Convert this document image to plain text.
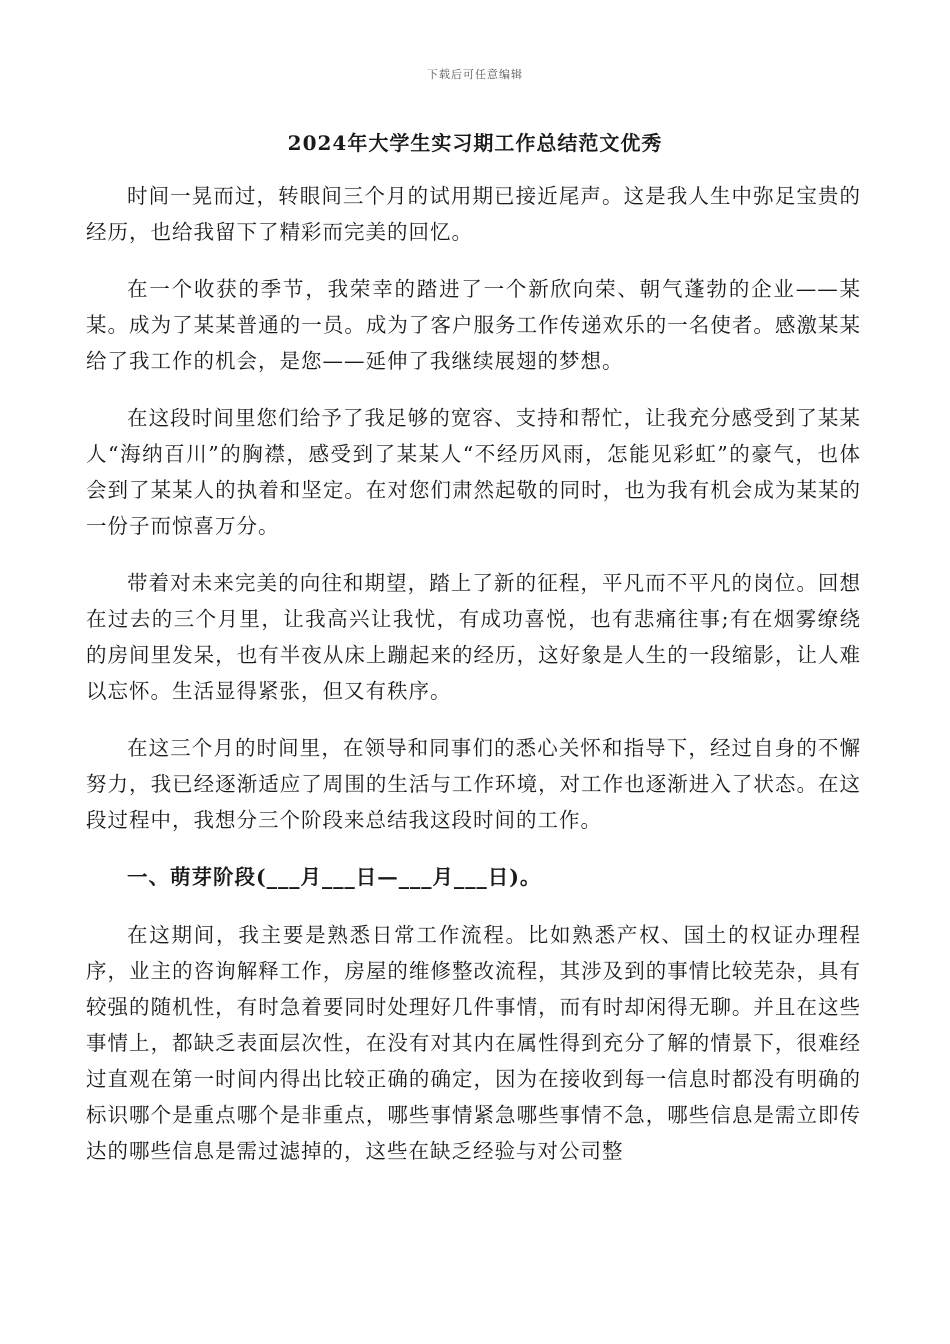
下载后可任意编辑
2024年大学生实习期工作总结范文优秀

时间一晃而过，转眼间三个月的试用期已接近尾声。这是我人生中弥足宝贵的经历，也给我留下了精彩而完美的回忆。

在一个收获的季节，我荣幸的踏进了一个新欣向荣、朝气蓬勃的企业——某某。成为了某某普通的一员。成为了客户服务工作传递欢乐的一名使者。感激某某给了我工作的机会，是您——延伸了我继续展翅的梦想。

在这段时间里您们给予了我足够的宽容、支持和帮忙，让我充分感受到了某某人“海纳百川”的胸襟，感受到了某某人“不经历风雨，怎能见彩虹”的豪气，也体会到了某某人的执着和坚定。在对您们肃然起敬的同时，也为我有机会成为某某的一份子而惊喜万分。

带着对未来完美的向往和期望，踏上了新的征程，平凡而不平凡的岗位。回想在过去的三个月里，让我高兴让我忧，有成功喜悦，也有悲痛往事;有在烟雾缭绕的房间里发呆，也有半夜从床上蹦起来的经历，这好象是人生的一段缩影，让人难以忘怀。生活显得紧张，但又有秩序。

在这三个月的时间里，在领导和同事们的悉心关怀和指导下，经过自身的不懈努力，我已经逐渐适应了周围的生活与工作环境，对工作也逐渐进入了状态。在这段过程中，我想分三个阶段来总结我这段时间的工作。

一、萌芽阶段(___月___日—___月___日)。

在这期间，我主要是熟悉日常工作流程。比如熟悉产权、国土的权证办理程序，业主的咨询解释工作，房屋的维修整改流程，其涉及到的事情比较芜杂，具有较强的随机性，有时急着要同时处理好几件事情，而有时却闲得无聊。并且在这些事情上，都缺乏表面层次性，在没有对其内在属性得到充分了解的情景下，很难经过直观在第一时间内得出比较正确的确定，因为在接收到每一信息时都没有明确的标识哪个是重点哪个是非重点，哪些事情紧急哪些事情不急，哪些信息是需立即传达的哪些信息是需过滤掉的，这些在缺乏经验与对公司整
